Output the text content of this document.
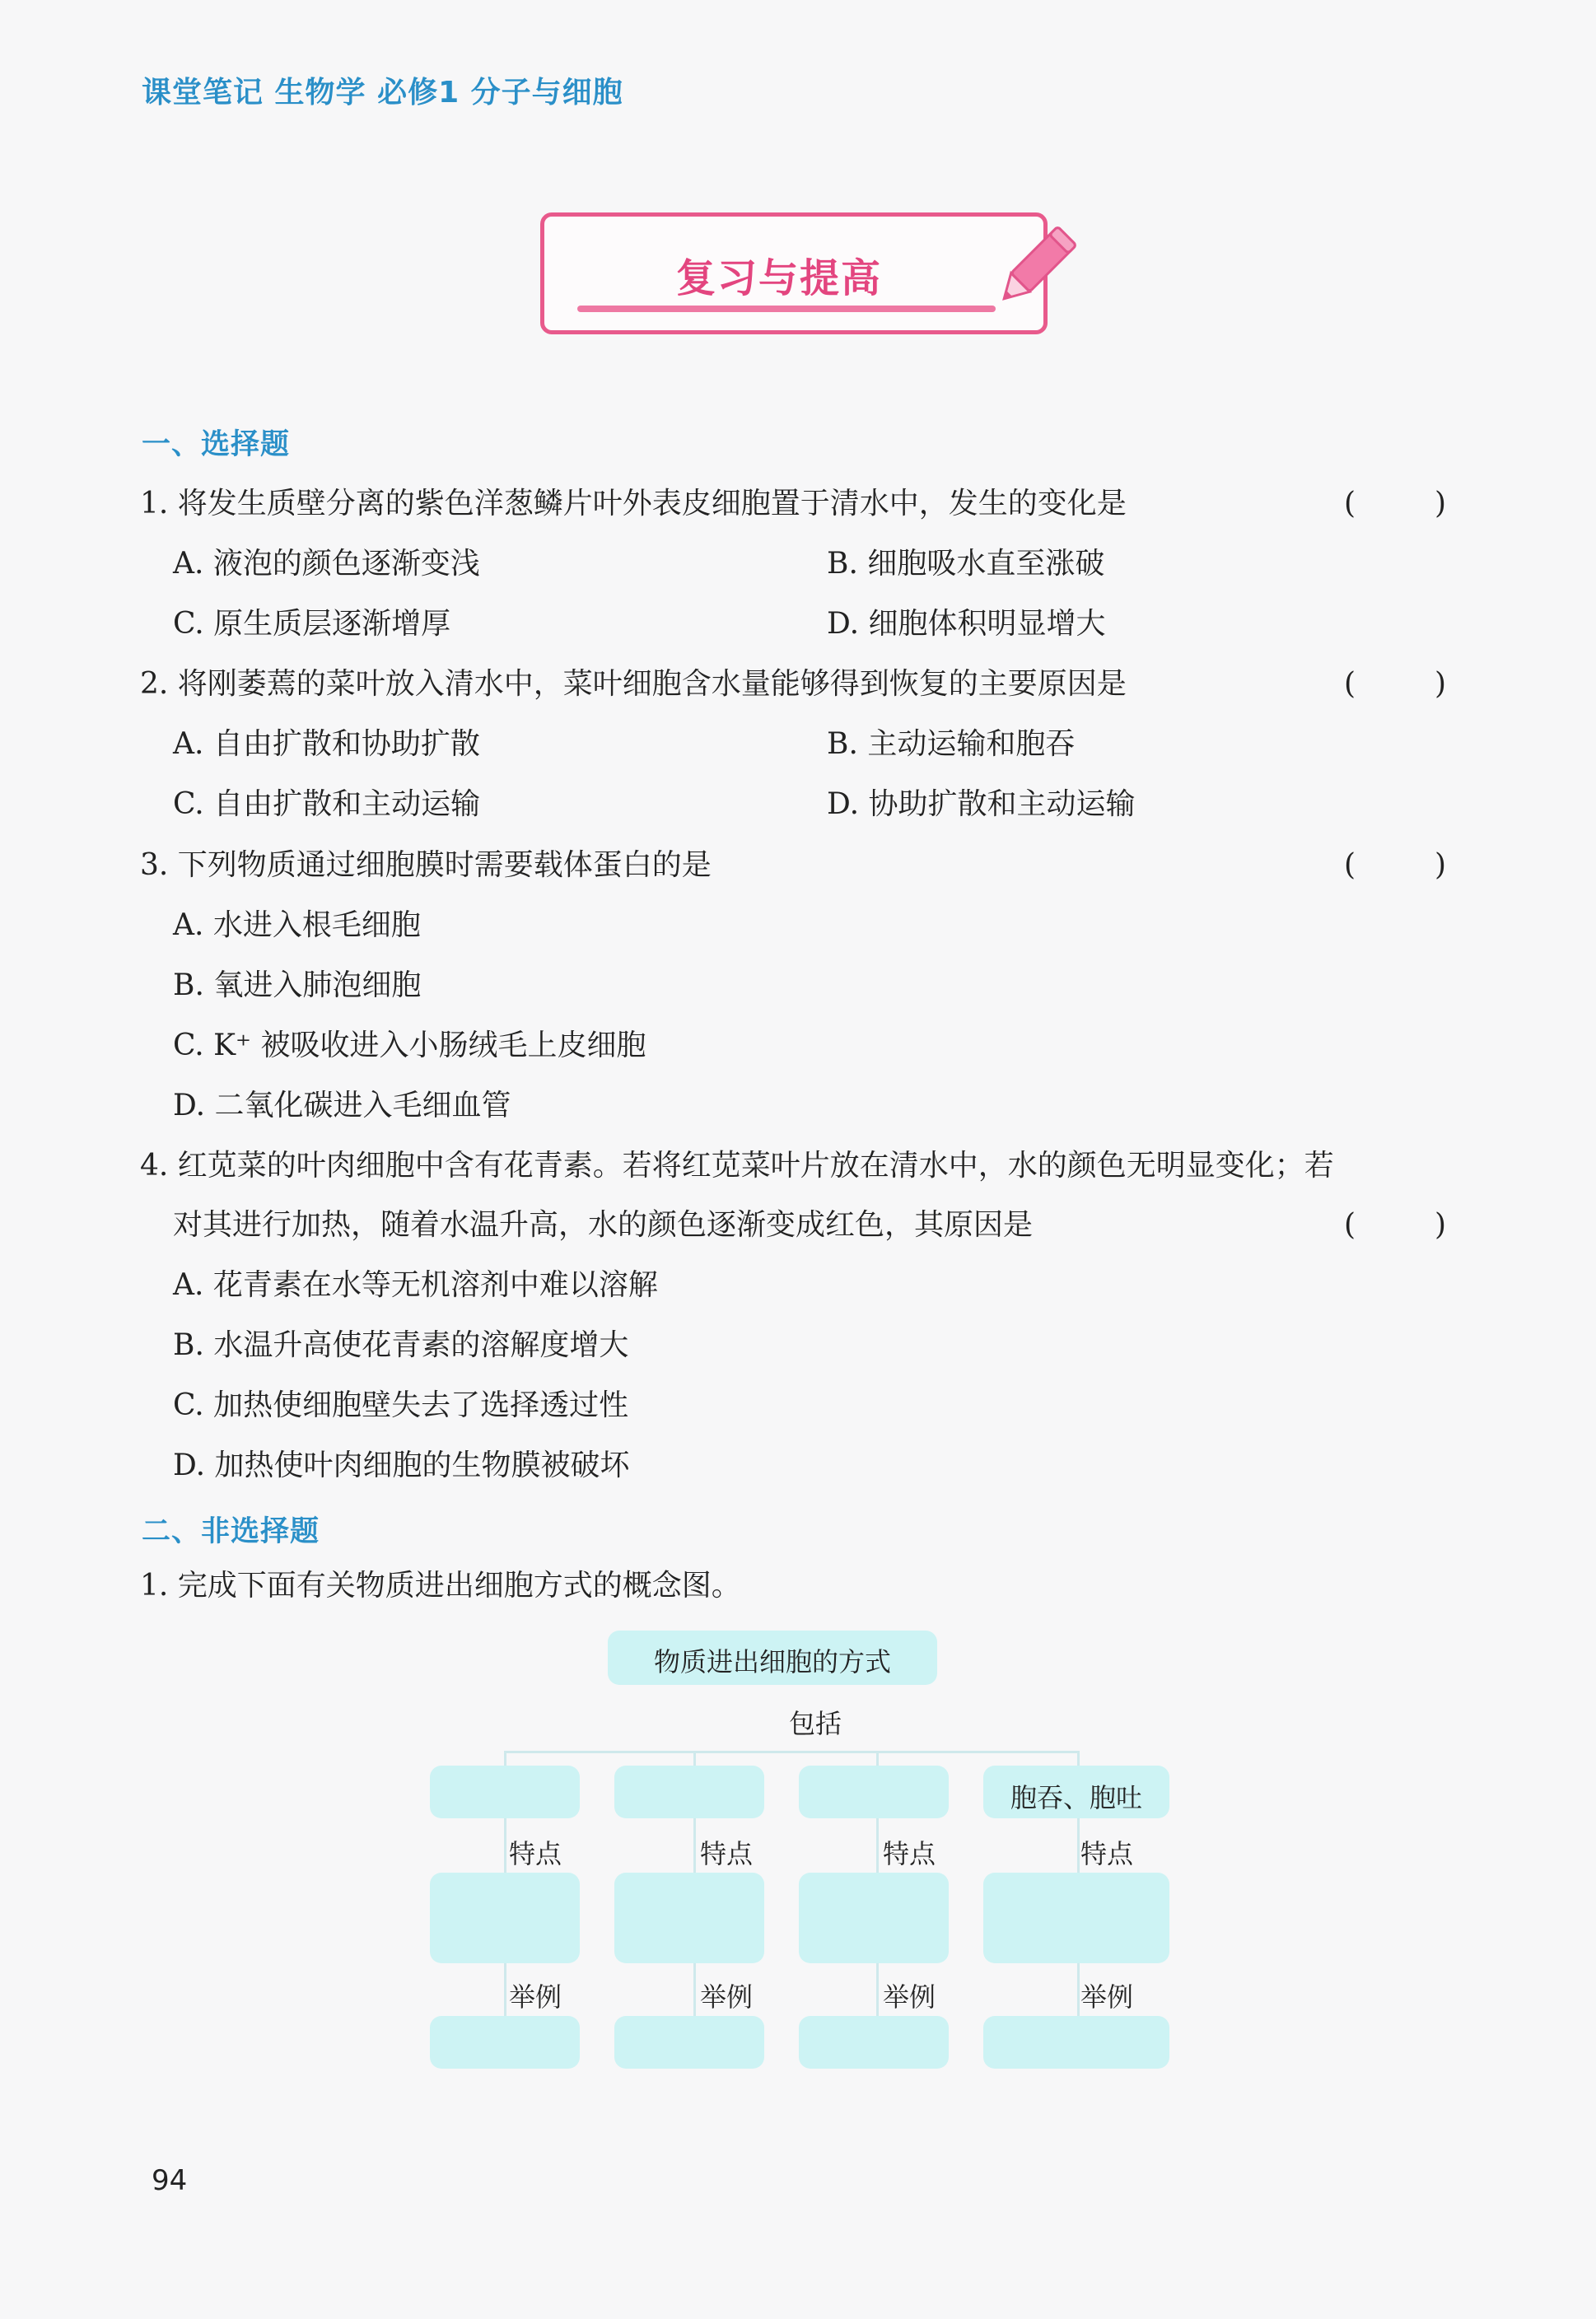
课堂笔记 生物学 必修1 分子与细胞
复习与提高
一、选择题
1. 将发生质壁分离的紫色洋葱鳞片叶外表皮细胞置于清水中，发生的变化是	(	)
A. 液泡的颜色逐渐变浅	B. 细胞吸水直至涨破
C. 原生质层逐渐增厚	D. 细胞体积明显增大
2. 将刚萎蔫的菜叶放入清水中，菜叶细胞含水量能够得到恢复的主要原因是	(	)
A. 自由扩散和协助扩散	B. 主动运输和胞吞
C. 自由扩散和主动运输	D. 协助扩散和主动运输
3. 下列物质通过细胞膜时需要载体蛋白的是	(	)
A. 水进入根毛细胞
B. 氧进入肺泡细胞
C. K⁺ 被吸收进入小肠绒毛上皮细胞
D. 二氧化碳进入毛细血管
4. 红苋菜的叶肉细胞中含有花青素。若将红苋菜叶片放在清水中，水的颜色无明显变化；若
对其进行加热，随着水温升高，水的颜色逐渐变成红色，其原因是	(	)
A. 花青素在水等无机溶剂中难以溶解
B. 水温升高使花青素的溶解度增大
C. 加热使细胞壁失去了选择透过性
D. 加热使叶肉细胞的生物膜被破坏
二、非选择题
1. 完成下面有关物质进出细胞方式的概念图。
物质进出细胞的方式
包括
特点
举例
特点
举例
特点
举例
胞吞、胞吐
特点
举例
94
